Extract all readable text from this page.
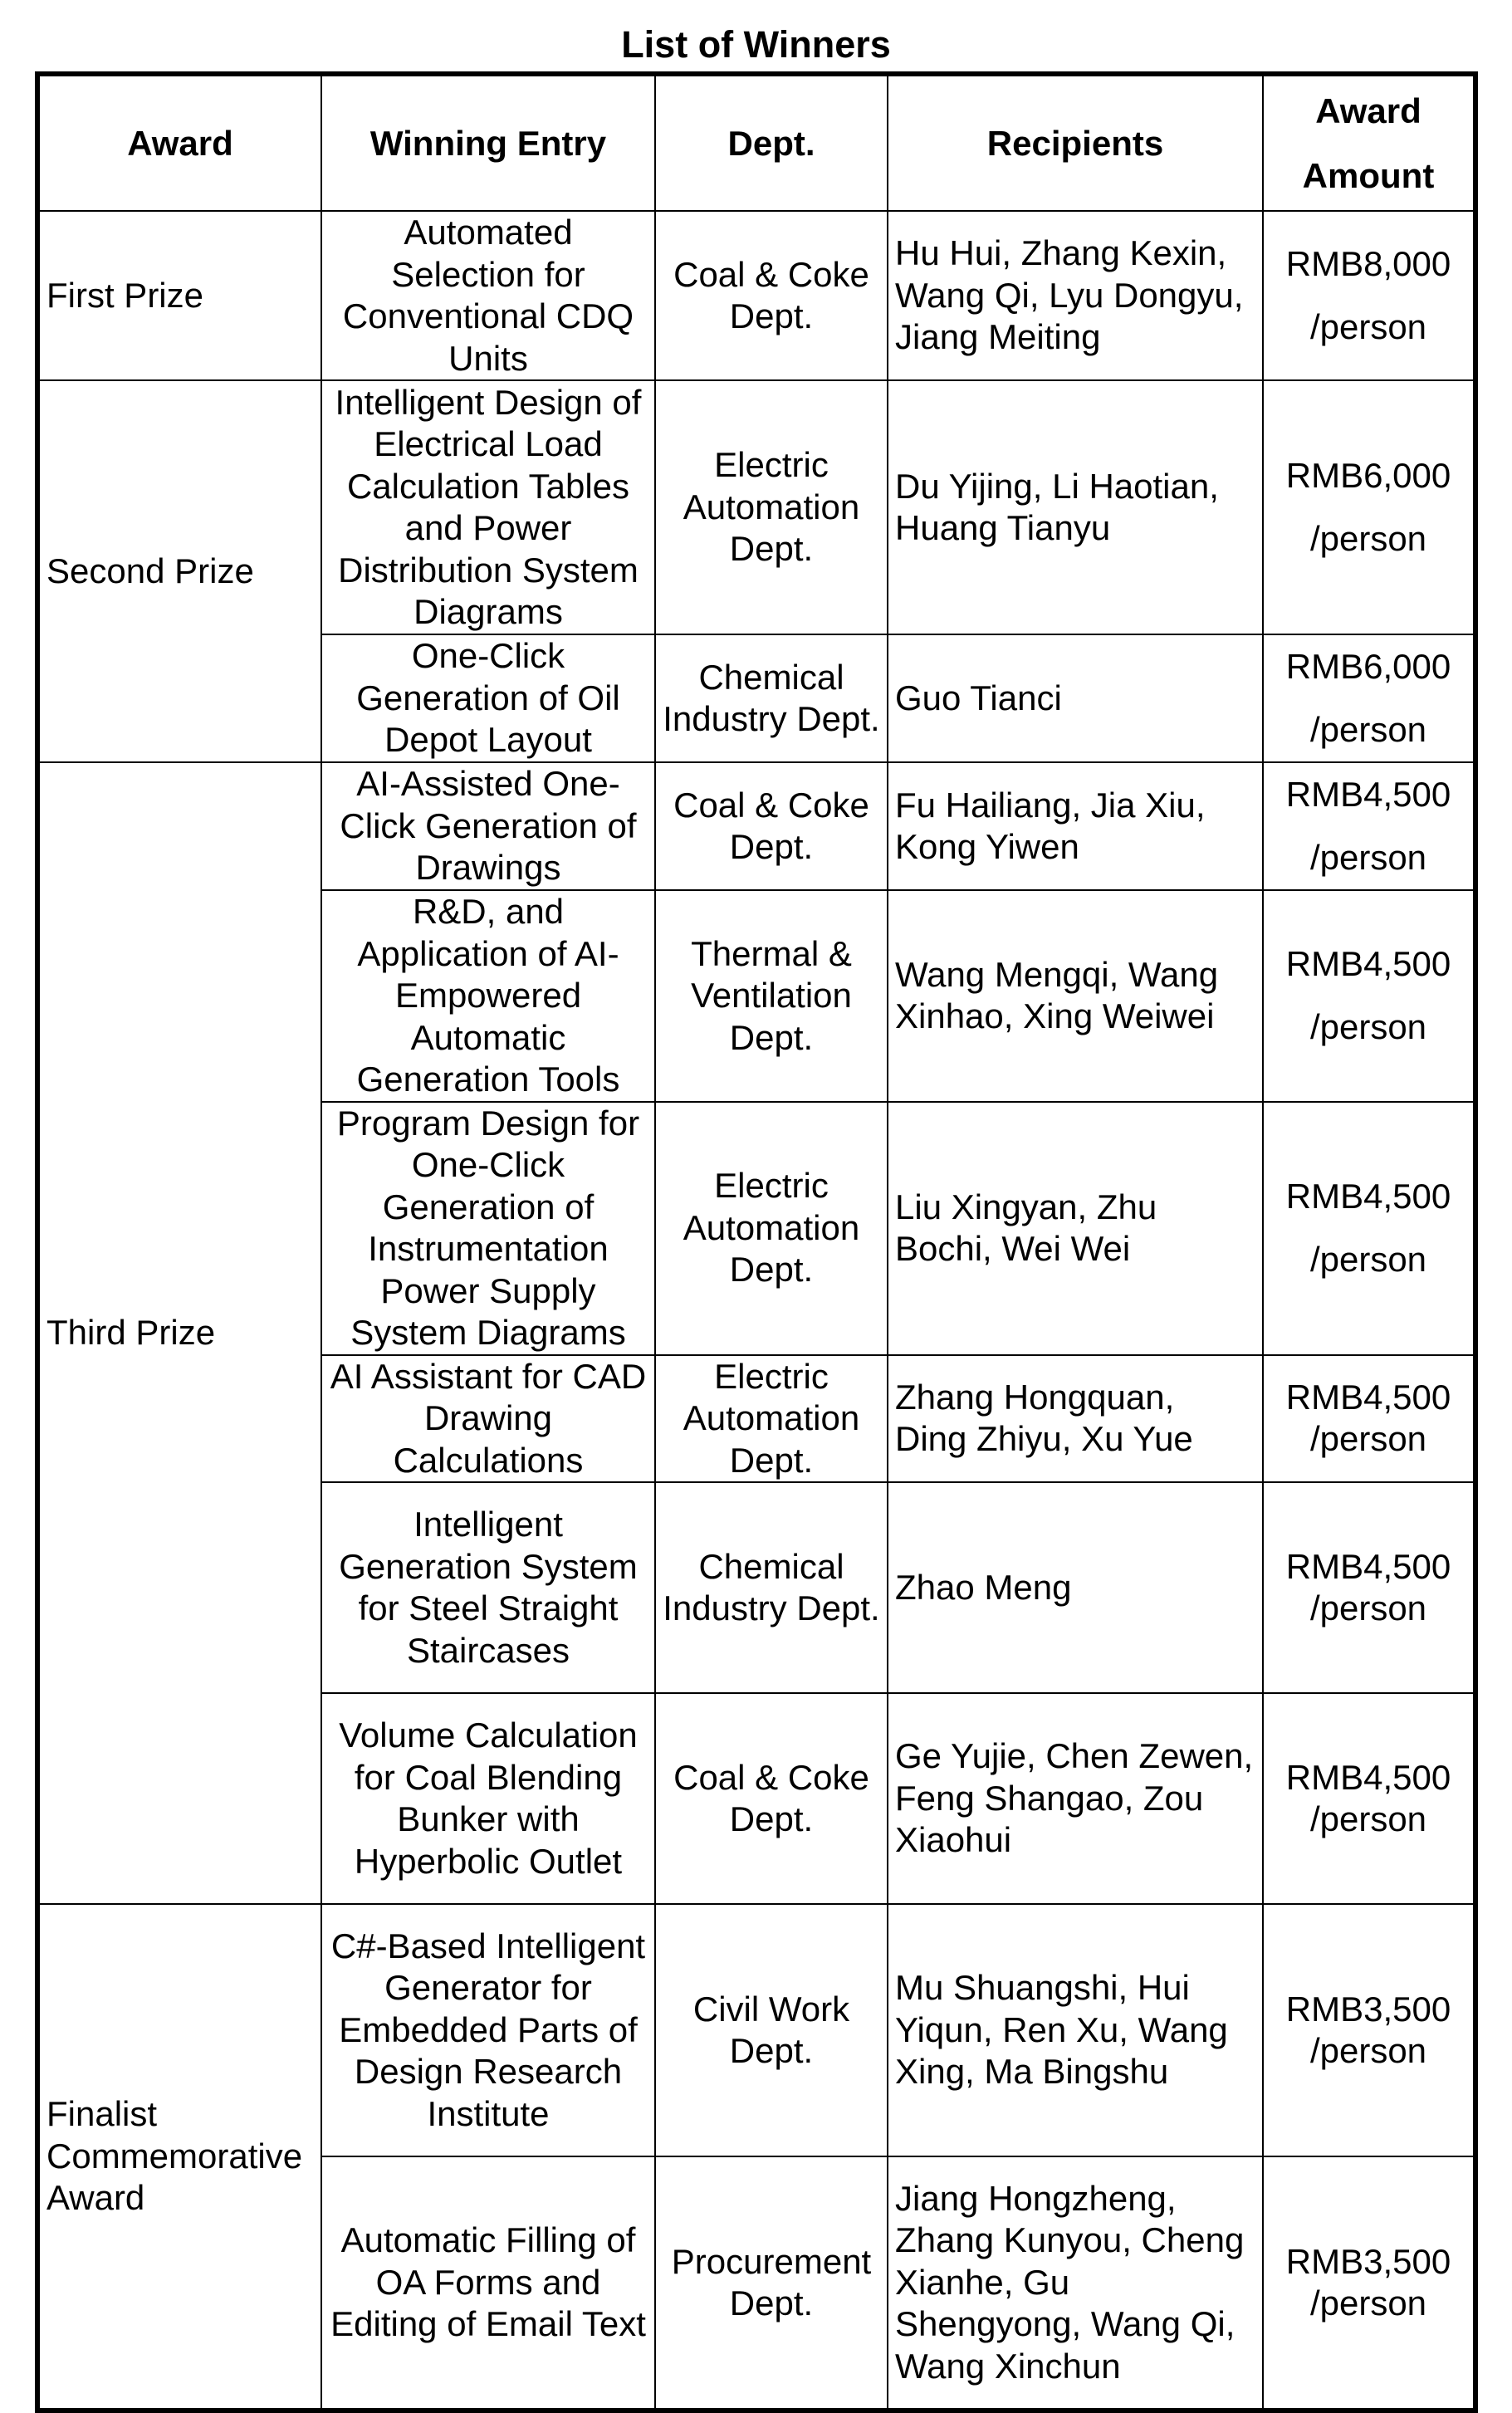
List of Winners
Award	Winning Entry	Dept.	Recipients	Award
Amount
First Prize	Automated Selection for Conventional CDQ Units	Coal & Coke Dept.	Hu Hui, Zhang Kexin, Wang Qi, Lyu Dongyu, Jiang Meiting	RMB8,000
/person
Second Prize	Intelligent Design of Electrical Load Calculation Tables and Power Distribution System Diagrams	Electric Automation Dept.	Du Yijing, Li Haotian, Huang Tianyu	RMB6,000
/person
	One-Click Generation of Oil Depot Layout	Chemical Industry Dept.	Guo Tianci	RMB6,000
/person
Third Prize	AI-Assisted One-Click Generation of Drawings	Coal & Coke Dept.	Fu Hailiang, Jia Xiu, Kong Yiwen	RMB4,500
/person
	R&D, and Application of AI-Empowered Automatic Generation Tools	Thermal & Ventilation Dept.	Wang Mengqi, Wang Xinhao, Xing Weiwei	RMB4,500
/person
	Program Design for One-Click Generation of Instrumentation Power Supply System Diagrams	Electric Automation Dept.	Liu Xingyan, Zhu Bochi, Wei Wei	RMB4,500
/person
	AI Assistant for CAD Drawing Calculations	Electric Automation Dept.	Zhang Hongquan, Ding Zhiyu, Xu Yue	RMB4,500
/person
	Intelligent Generation System for Steel Straight Staircases	Chemical Industry Dept.	Zhao Meng	RMB4,500
/person
	Volume Calculation for Coal Blending Bunker with Hyperbolic Outlet	Coal & Coke Dept.	Ge Yujie, Chen Zewen, Feng Shangao, Zou Xiaohui	RMB4,500
/person
Finalist Commemorative Award	C#-Based Intelligent Generator for Embedded Parts of Design Research Institute	Civil Work Dept.	Mu Shuangshi, Hui Yiqun, Ren Xu, Wang Xing, Ma Bingshu	RMB3,500
/person
	Automatic Filling of OA Forms and Editing of Email Text	Procurement Dept.	Jiang Hongzheng, Zhang Kunyou, Cheng Xianhe, Gu Shengyong, Wang Qi, Wang Xinchun	RMB3,500
/person
